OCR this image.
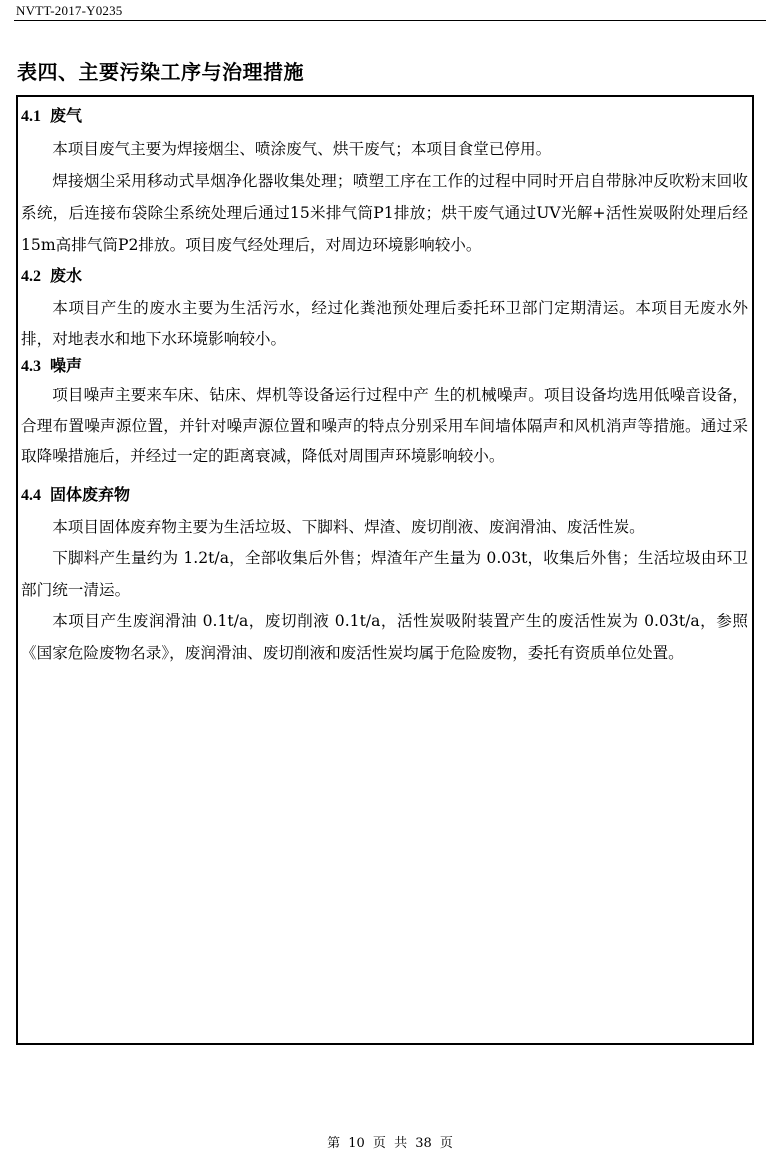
NVTT-2017-Y0235
表四、主要污染工序与治理措施
4.1 废气

本项目废气主要为焊接烟尘、喷涂废气、烘干废气；本项目食堂已停用。

焊接烟尘采用移动式旱烟净化器收集处理；喷塑工序在工作的过程中同时开启自带脉冲反吹粉末回收系统，后连接布袋除尘系统处理后通过15米排气筒P1排放；烘干废气通过UV光解+活性炭吸附处理后经15m高排气筒P2排放。项目废气经处理后，对周边环境影响较小。

4.2 废水

本项目产生的废水主要为生活污水，经过化粪池预处理后委托环卫部门定期清运。本项目无废水外排，对地表水和地下水环境影响较小。

4.3 噪声

项目噪声主要来车床、钻床、焊机等设备运行过程中产 生的机械噪声。项目设备均选用低噪音设备，合理布置噪声源位置，并针对噪声源位置和噪声的特点分别采用车间墙体隔声和风机消声等措施。通过采取降噪措施后，并经过一定的距离衰减，降低对周围声环境影响较小。

4.4 固体废弃物

本项目固体废弃物主要为生活垃圾、下脚料、焊渣、废切削液、废润滑油、废活性炭。

下脚料产生量约为 1.2t/a，全部收集后外售；焊渣年产生量为 0.03t，收集后外售；生活垃圾由环卫部门统一清运。

本项目产生废润滑油 0.1t/a，废切削液 0.1t/a，活性炭吸附装置产生的废活性炭为 0.03t/a，参照《国家危险废物名录》，废润滑油、废切削液和废活性炭均属于危险废物，委托有资质单位处置。

第 10 页 共 38 页
